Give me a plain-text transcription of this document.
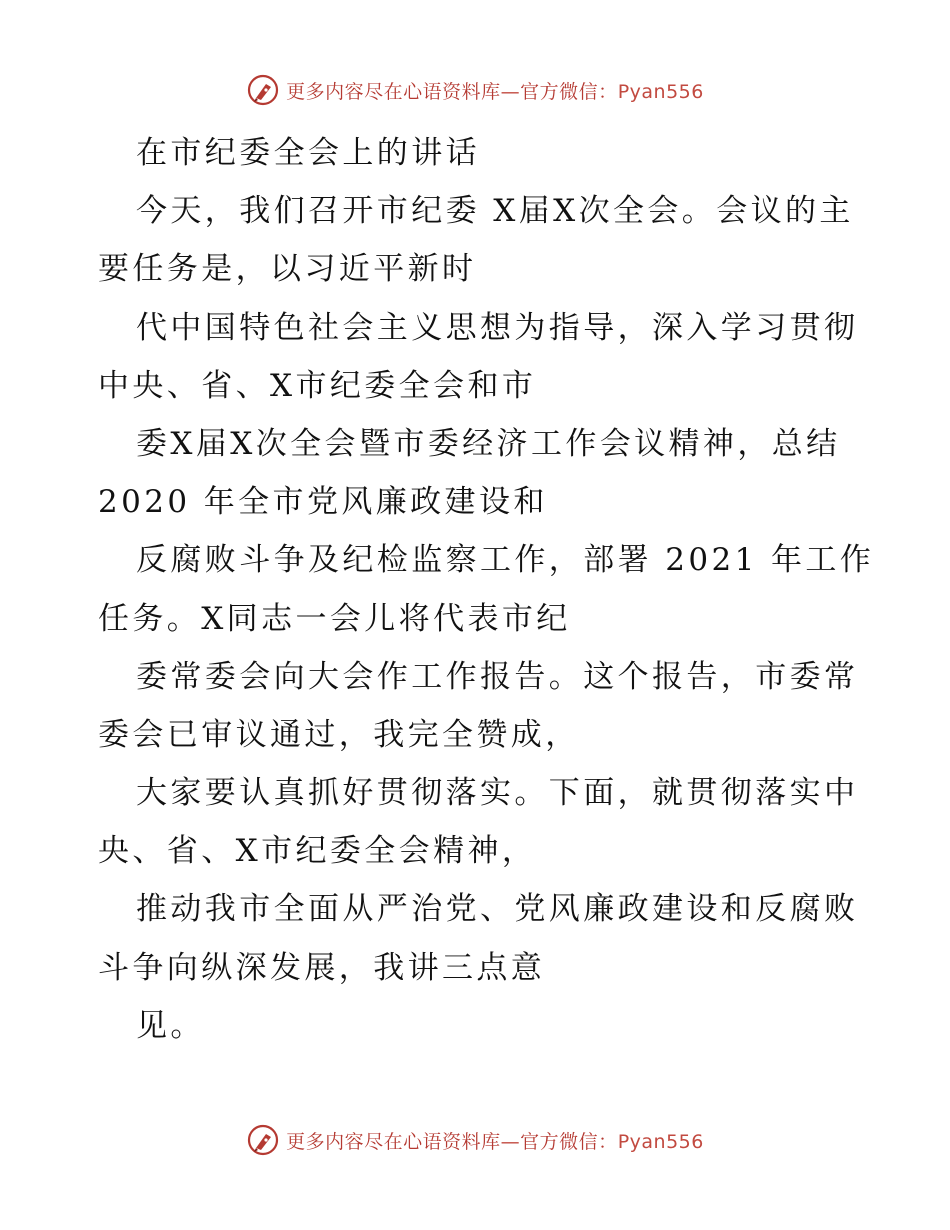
更多内容尽在心语资料库—官方微信：Pyan556
在市纪委全会上的讲话
今天，我们召开市纪委 X届X次全会。会议的主
要任务是，以习近平新时
代中国特色社会主义思想为指导，深入学习贯彻
中央、省、X市纪委全会和市
委X届X次全会暨市委经济工作会议精神，总结
2020 年全市党风廉政建设和
反腐败斗争及纪检监察工作，部署 2021 年工作
任务。X同志一会儿将代表市纪
委常委会向大会作工作报告。这个报告，市委常
委会已审议通过，我完全赞成，
大家要认真抓好贯彻落实。下面，就贯彻落实中
央、省、X市纪委全会精神，
推动我市全面从严治党、党风廉政建设和反腐败
斗争向纵深发展，我讲三点意
见。
更多内容尽在心语资料库—官方微信：Pyan556
